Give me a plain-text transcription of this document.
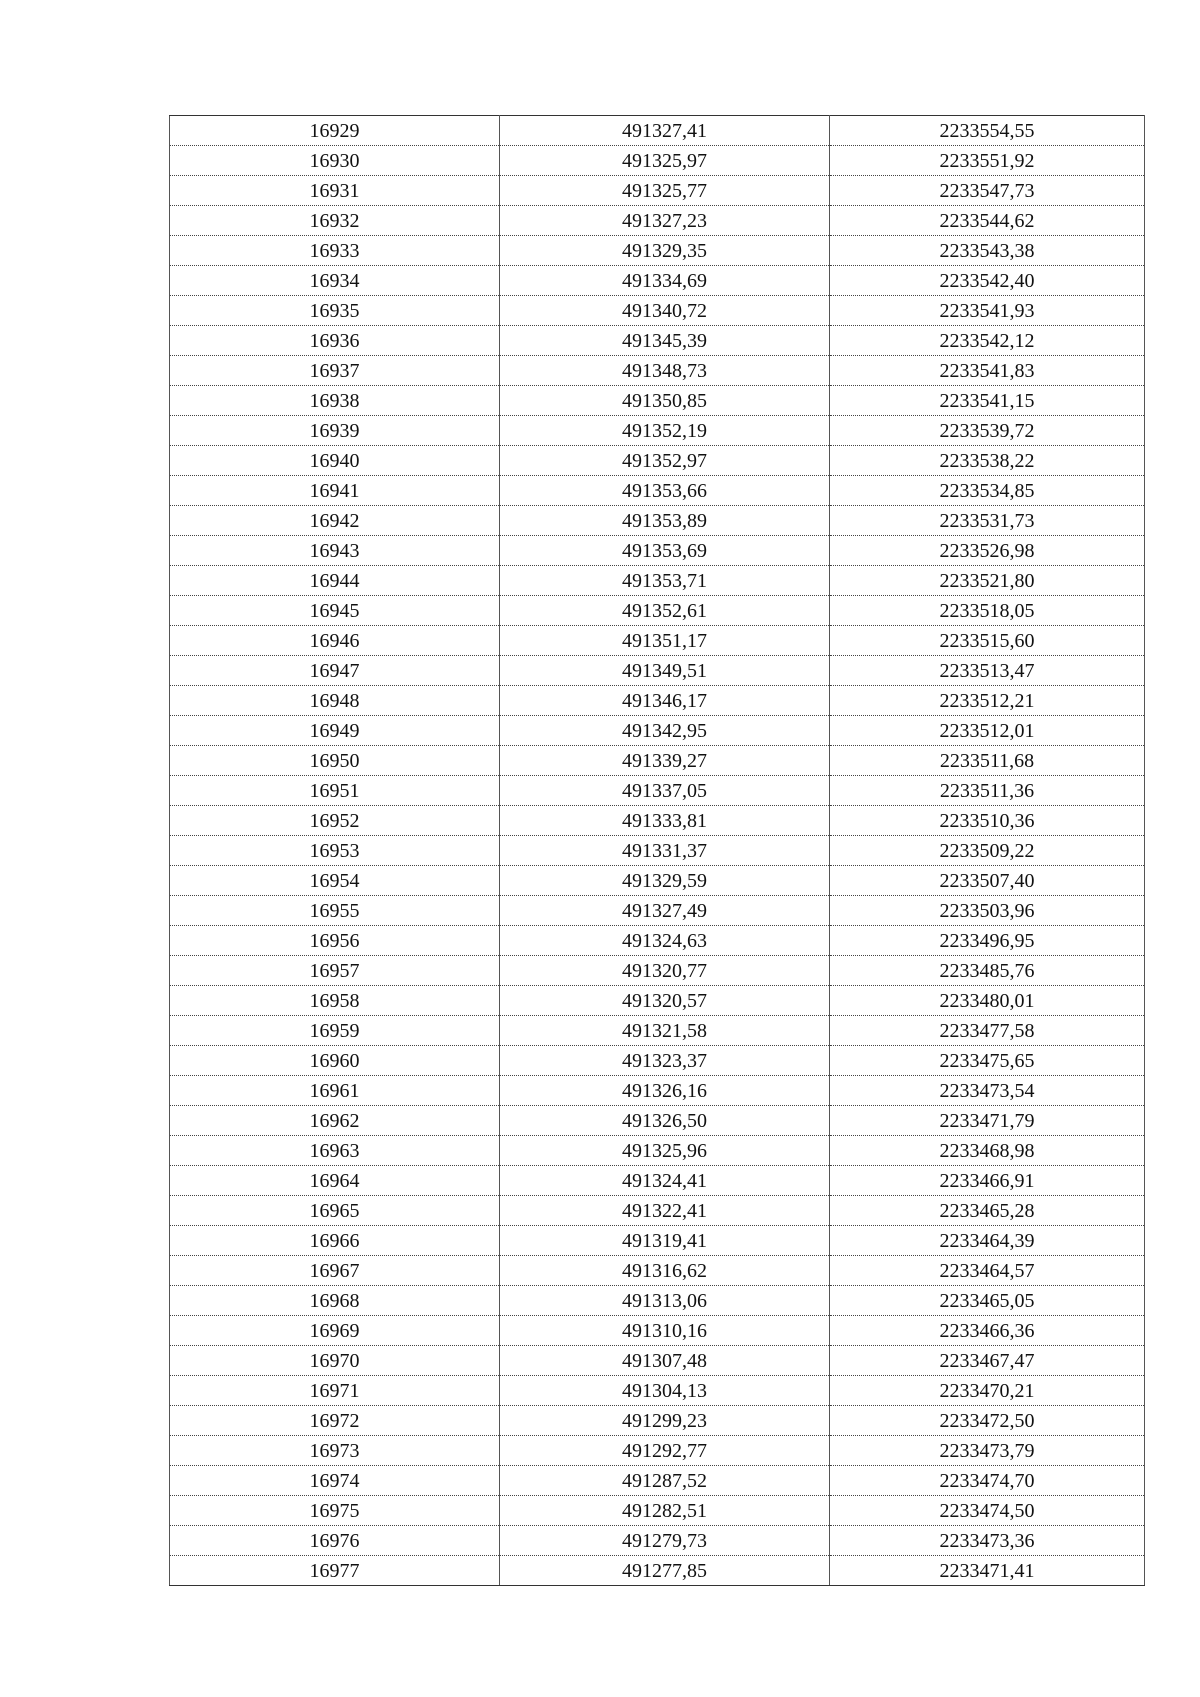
16929	491327,41	2233554,55
16930	491325,97	2233551,92
16931	491325,77	2233547,73
16932	491327,23	2233544,62
16933	491329,35	2233543,38
16934	491334,69	2233542,40
16935	491340,72	2233541,93
16936	491345,39	2233542,12
16937	491348,73	2233541,83
16938	491350,85	2233541,15
16939	491352,19	2233539,72
16940	491352,97	2233538,22
16941	491353,66	2233534,85
16942	491353,89	2233531,73
16943	491353,69	2233526,98
16944	491353,71	2233521,80
16945	491352,61	2233518,05
16946	491351,17	2233515,60
16947	491349,51	2233513,47
16948	491346,17	2233512,21
16949	491342,95	2233512,01
16950	491339,27	2233511,68
16951	491337,05	2233511,36
16952	491333,81	2233510,36
16953	491331,37	2233509,22
16954	491329,59	2233507,40
16955	491327,49	2233503,96
16956	491324,63	2233496,95
16957	491320,77	2233485,76
16958	491320,57	2233480,01
16959	491321,58	2233477,58
16960	491323,37	2233475,65
16961	491326,16	2233473,54
16962	491326,50	2233471,79
16963	491325,96	2233468,98
16964	491324,41	2233466,91
16965	491322,41	2233465,28
16966	491319,41	2233464,39
16967	491316,62	2233464,57
16968	491313,06	2233465,05
16969	491310,16	2233466,36
16970	491307,48	2233467,47
16971	491304,13	2233470,21
16972	491299,23	2233472,50
16973	491292,77	2233473,79
16974	491287,52	2233474,70
16975	491282,51	2233474,50
16976	491279,73	2233473,36
16977	491277,85	2233471,41
